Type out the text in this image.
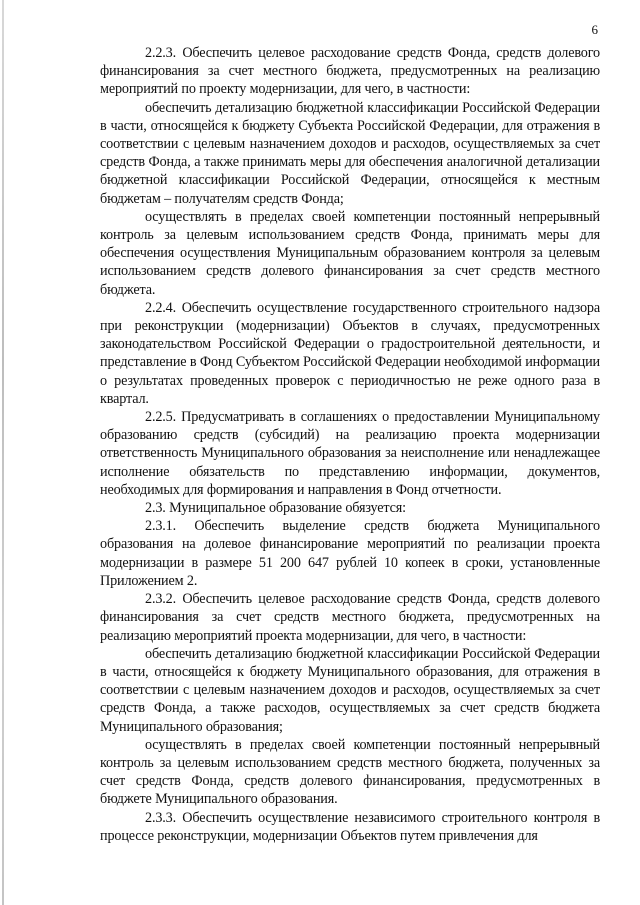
6

2.2.3. Обеспечить целевое расходование средств Фонда, средств долевого финансирования за счет местного бюджета, предусмотренных на реализацию мероприятий по проекту модернизации, для чего, в частности:

обеспечить детализацию бюджетной классификации Российской Федерации в части, относящейся к бюджету Субъекта Российской Федерации, для отражения в соответствии с целевым назначением доходов и расходов, осуществляемых за счет средств Фонда, а также принимать меры для обеспечения аналогичной детализации бюджетной классификации Российской Федерации, относящейся к местным бюджетам – получателям средств Фонда;

осуществлять в пределах своей компетенции постоянный непрерывный контроль за целевым использованием средств Фонда, принимать меры для обеспечения осуществления Муниципальным образованием контроля за целевым использованием средств долевого финансирования за счет средств местного бюджета.

2.2.4. Обеспечить осуществление государственного строительного надзора при реконструкции (модернизации) Объектов в случаях, предусмотренных законодательством Российской Федерации о градостроительной деятельности, и представление в Фонд Субъектом Российской Федерации необходимой информации о результатах проведенных проверок с периодичностью не реже одного раза в квартал.

2.2.5. Предусматривать в соглашениях о предоставлении Муниципальному образованию средств (субсидий) на реализацию проекта модернизации ответственность Муниципального образования за неисполнение или ненадлежащее исполнение обязательств по представлению информации, документов, необходимых для формирования и направления в Фонд отчетности.

2.3. Муниципальное образование обязуется:

2.3.1. Обеспечить выделение средств бюджета Муниципального образования на долевое финансирование мероприятий по реализации проекта модернизации в размере 51 200 647 рублей 10 копеек в сроки, установленные Приложением 2.

2.3.2. Обеспечить целевое расходование средств Фонда, средств долевого финансирования за счет средств местного бюджета, предусмотренных на реализацию мероприятий проекта модернизации, для чего, в частности:

обеспечить детализацию бюджетной классификации Российской Федерации в части, относящейся к бюджету Муниципального образования, для отражения в соответствии с целевым назначением доходов и расходов, осуществляемых за счет средств Фонда, а также расходов, осуществляемых за счет средств бюджета Муниципального образования;

осуществлять в пределах своей компетенции постоянный непрерывный контроль за целевым использованием средств местного бюджета, полученных за счет средств Фонда, средств долевого финансирования, предусмотренных в бюджете Муниципального образования.

2.3.3. Обеспечить осуществление независимого строительного контроля в процессе реконструкции, модернизации Объектов путем привлечения для
